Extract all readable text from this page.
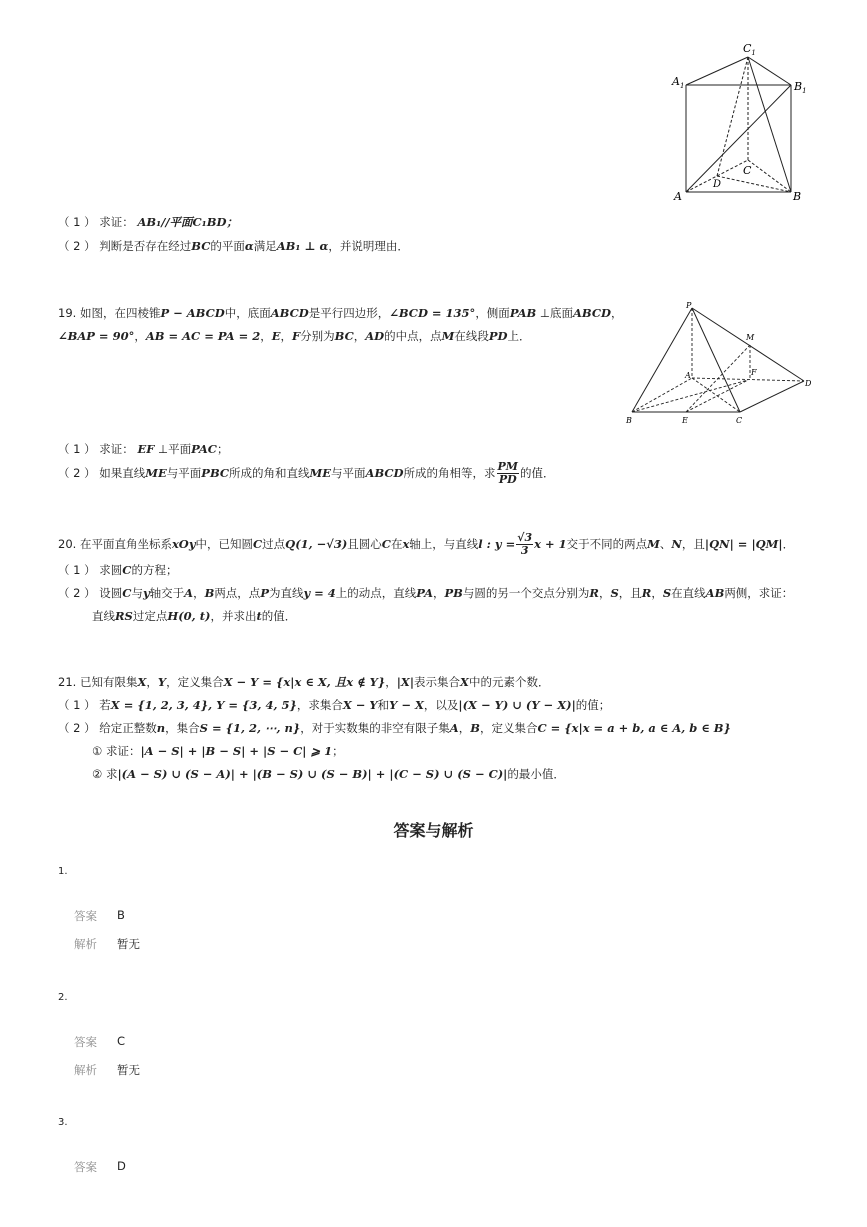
$C_1$
$A_1$	$B_1$
A	B
C
D
（ 1 ） 求证： AB₁//平面C₁BD；
（ 2 ） 判断是否存在经过BC的平面α满足AB₁ ⊥ α，并说明理由．
P
M
A	F
D
B	E	C
19. 如图，在四棱锥P − ABCD中，底面ABCD是平行四边形，∠BCD = 135°，侧面PAB ⊥底面ABCD，
∠BAP = 90°，AB = AC = PA = 2，E，F分别为BC，AD的中点，点M在线段PD上．
（ 1 ） 求证： EF ⊥平面PAC；
（ 2 ） 如果直线ME与平面PBC所成的角和直线ME与平面ABCD所成的角相等，求 $\frac{PM}{PD}$ 的值．
20. 在平面直角坐标系xOy中，已知圆C过点Q(1, −√3)且圆心C在x轴上，与直线l : $y = \frac{√3}{3}$ x + 1交于不同的两点M、N，且|QN| = |QM|．
（ 1 ） 求圆C的方程；
（ 2 ） 设圆C与y轴交于A，B两点，点P为直线y = 4上的动点，直线PA，PB与圆的另一个交点分别为R，S，且R，S在直线AB两侧，求证：
直线RS过定点H(0, t)，并求出t的值．
21. 已知有限集X，Y，定义集合X − Y = {x|x ∈ X, 且x ∉ Y}，|X|表示集合X中的元素个数．
（ 1 ） 若X = {1, 2, 3, 4}, Y = {3, 4, 5}，求集合X − Y和Y − X，以及|(X − Y) ∪ (Y − X)|的值；
（ 2 ） 给定正整数n，集合S = {1, 2, ⋯, n}，对于实数集的非空有限子集A，B，定义集合C = {x|x = a + b, a ∈ A, b ∈ B}
① 求证：|A − S| + |B − S| + |S − C| ⩾ 1；
② 求|(A − S) ∪ (S − A)| + |(B − S) ∪ (S − B)| + |(C − S) ∪ (S − C)|的最小值．
答案与解析
1.
答案 B
解析 暂无
2.
答案 C
解析 暂无
3.
答案 D
